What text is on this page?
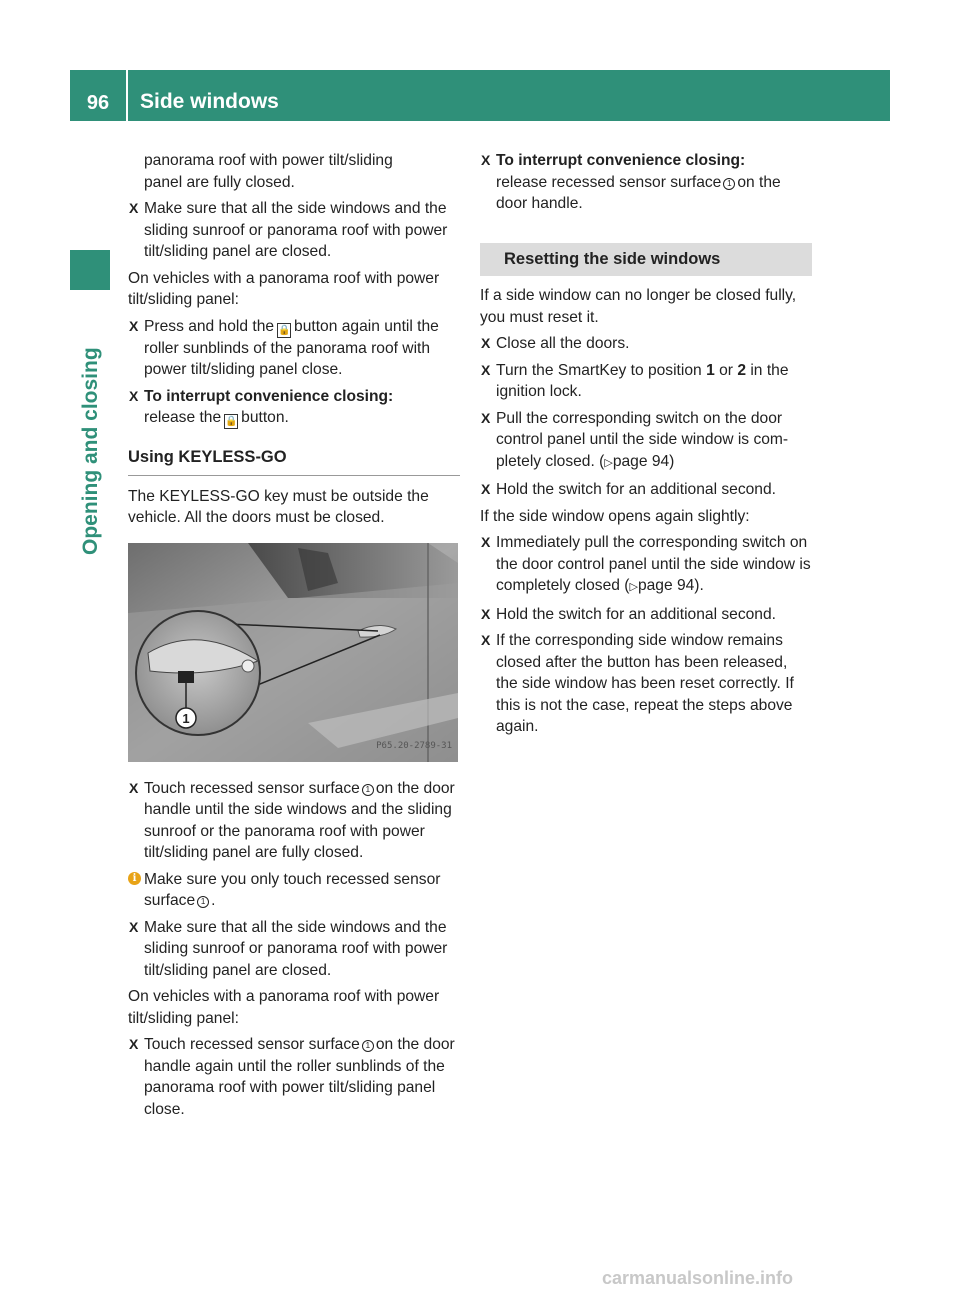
96	Side windows
Opening and closing
panorama roof with power tilt/sliding
panel are fully closed.
X Make sure that all the side windows and the sliding sunroof or panorama roof with power tilt/sliding panel are closed.
On vehicles with a panorama roof with power tilt/sliding panel:
X Press and hold the 🔒 button again until the roller sunblinds of the panorama roof with power tilt/sliding panel close.
X To interrupt convenience closing:
release the 🔒 button.
Using KEYLESS-GO
The KEYLESS-GO key must be outside the vehicle. All the doors must be closed.
1
P65.20-2789-31
X Touch recessed sensor surface 1 on the door handle until the side windows and the sliding sunroof or the panorama roof with power tilt/sliding panel are fully closed.
i Make sure you only touch recessed sensor surface 1 .
X Make sure that all the side windows and the sliding sunroof or panorama roof with power tilt/sliding panel are closed.
On vehicles with a panorama roof with power tilt/sliding panel:
X Touch recessed sensor surface 1 on the door handle again until the roller sunblinds of the panorama roof with power tilt/sliding panel close.
X To interrupt convenience closing:
release recessed sensor surface 1 on the door handle.
Resetting the side windows
If a side window can no longer be closed fully, you must reset it.
X Close all the doors.
X Turn the SmartKey to position 1 or 2 in the ignition lock.
X Pull the corresponding switch on the door control panel until the side window is completely closed. (▷page 94)
X Hold the switch for an additional second.
If the side window opens again slightly:
X Immediately pull the corresponding switch on the door control panel until the side window is completely closed (▷page 94).
X Hold the switch for an additional second.
X If the corresponding side window remains closed after the button has been released, the side window has been reset correctly. If this is not the case, repeat the steps above again.
carmanualsonline.info
